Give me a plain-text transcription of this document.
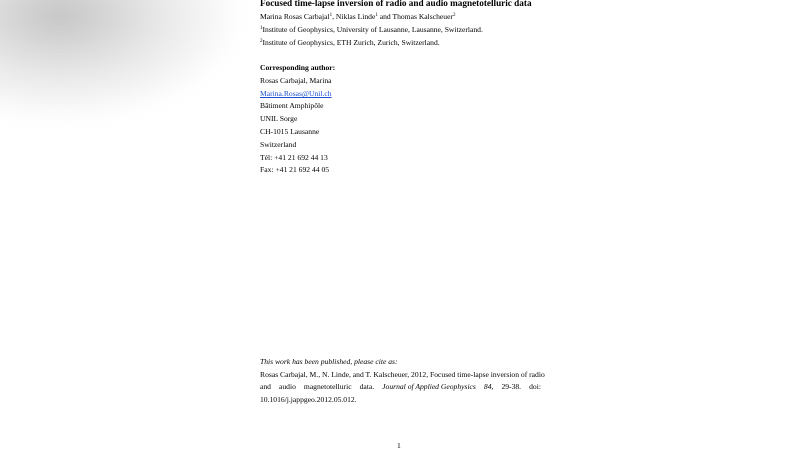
Focused time-lapse inversion of radio and audio magnetotelluric data
Marina Rosas Carbajal$^1$, Niklas Linde$^1$ and Thomas Kalscheuer$^2$
$^1$Institute of Geophysics, University of Lausanne, Lausanne, Switzerland.
$^2$Institute of Geophysics, ETH Zurich, Zurich, Switzerland.
Corresponding author:
Rosas Carbajal, Marina
Marina.Rosas@Unil.ch
Bâtiment Amphipôle
UNIL Sorge
CH-1015 Lausanne
Switzerland
Tél: +41 21 692 44 13
Fax: +41 21 692 44 05
This work has been published, please cite as:
Rosas Carbajal, M., N. Linde, and T. Kalscheuer, 2012, Focused time-lapse inversion of radio
and audio magnetotelluric data. Journal of Applied Geophysics 84, 29-38. doi:
10.1016/j.jappgeo.2012.05.012.
1
